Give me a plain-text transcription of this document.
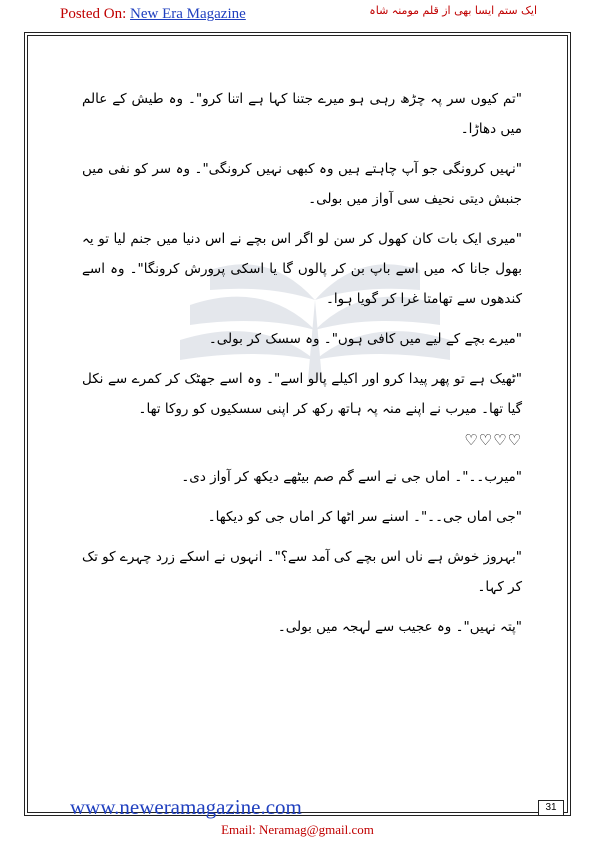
Posted On: New Era Magazine	ایک ستم ایسا بھی از قلم مومنہ شاہ

"تم کیوں سر پہ چڑھ رہی ہو میرے جتنا کہا ہے اتنا کرو"۔ وہ طیش کے عالم میں دھاڑا۔

"نہیں کرونگی جو آپ چاہتے ہیں وہ کبھی نہیں کرونگی"۔ وہ سر کو نفی میں جنبش دیتی نحیف سی آواز میں بولی۔

"میری ایک بات کان کھول کر سن لو اگر اس بچے نے اس دنیا میں جنم لیا تو یہ بھول جانا کہ میں اسے باپ بن کر پالوں گا یا اسکی پرورش کرونگا"۔ وہ اسے کندھوں سے تھامتا غرا کر گویا ہوا۔

"میرے بچے کے لیے میں کافی ہوں"۔ وہ سسک کر بولی۔

"ٹھیک ہے تو پھر پیدا کرو اور اکیلے پالو اسے"۔ وہ اسے جھٹک کر کمرے سے نکل گیا تھا۔ میرب نے اپنے منہ پہ ہاتھ رکھ کر اپنی سسکیوں کو روکا تھا۔

♡♡♡♡

"میرب۔۔"۔ اماں جی نے اسے گم صم بیٹھے دیکھ کر آواز دی۔

"جی اماں جی۔۔"۔ اسنے سر اٹھا کر اماں جی کو دیکھا۔

"بہروز خوش ہے ناں اس بچے کی آمد سے؟"۔ انہوں نے اسکے زرد چہرے کو تک کر کہا۔

"پتہ نہیں"۔ وہ عجیب سے لہجہ میں بولی۔

www.neweramagazine.com	31
Email: Neramag@gmail.com
